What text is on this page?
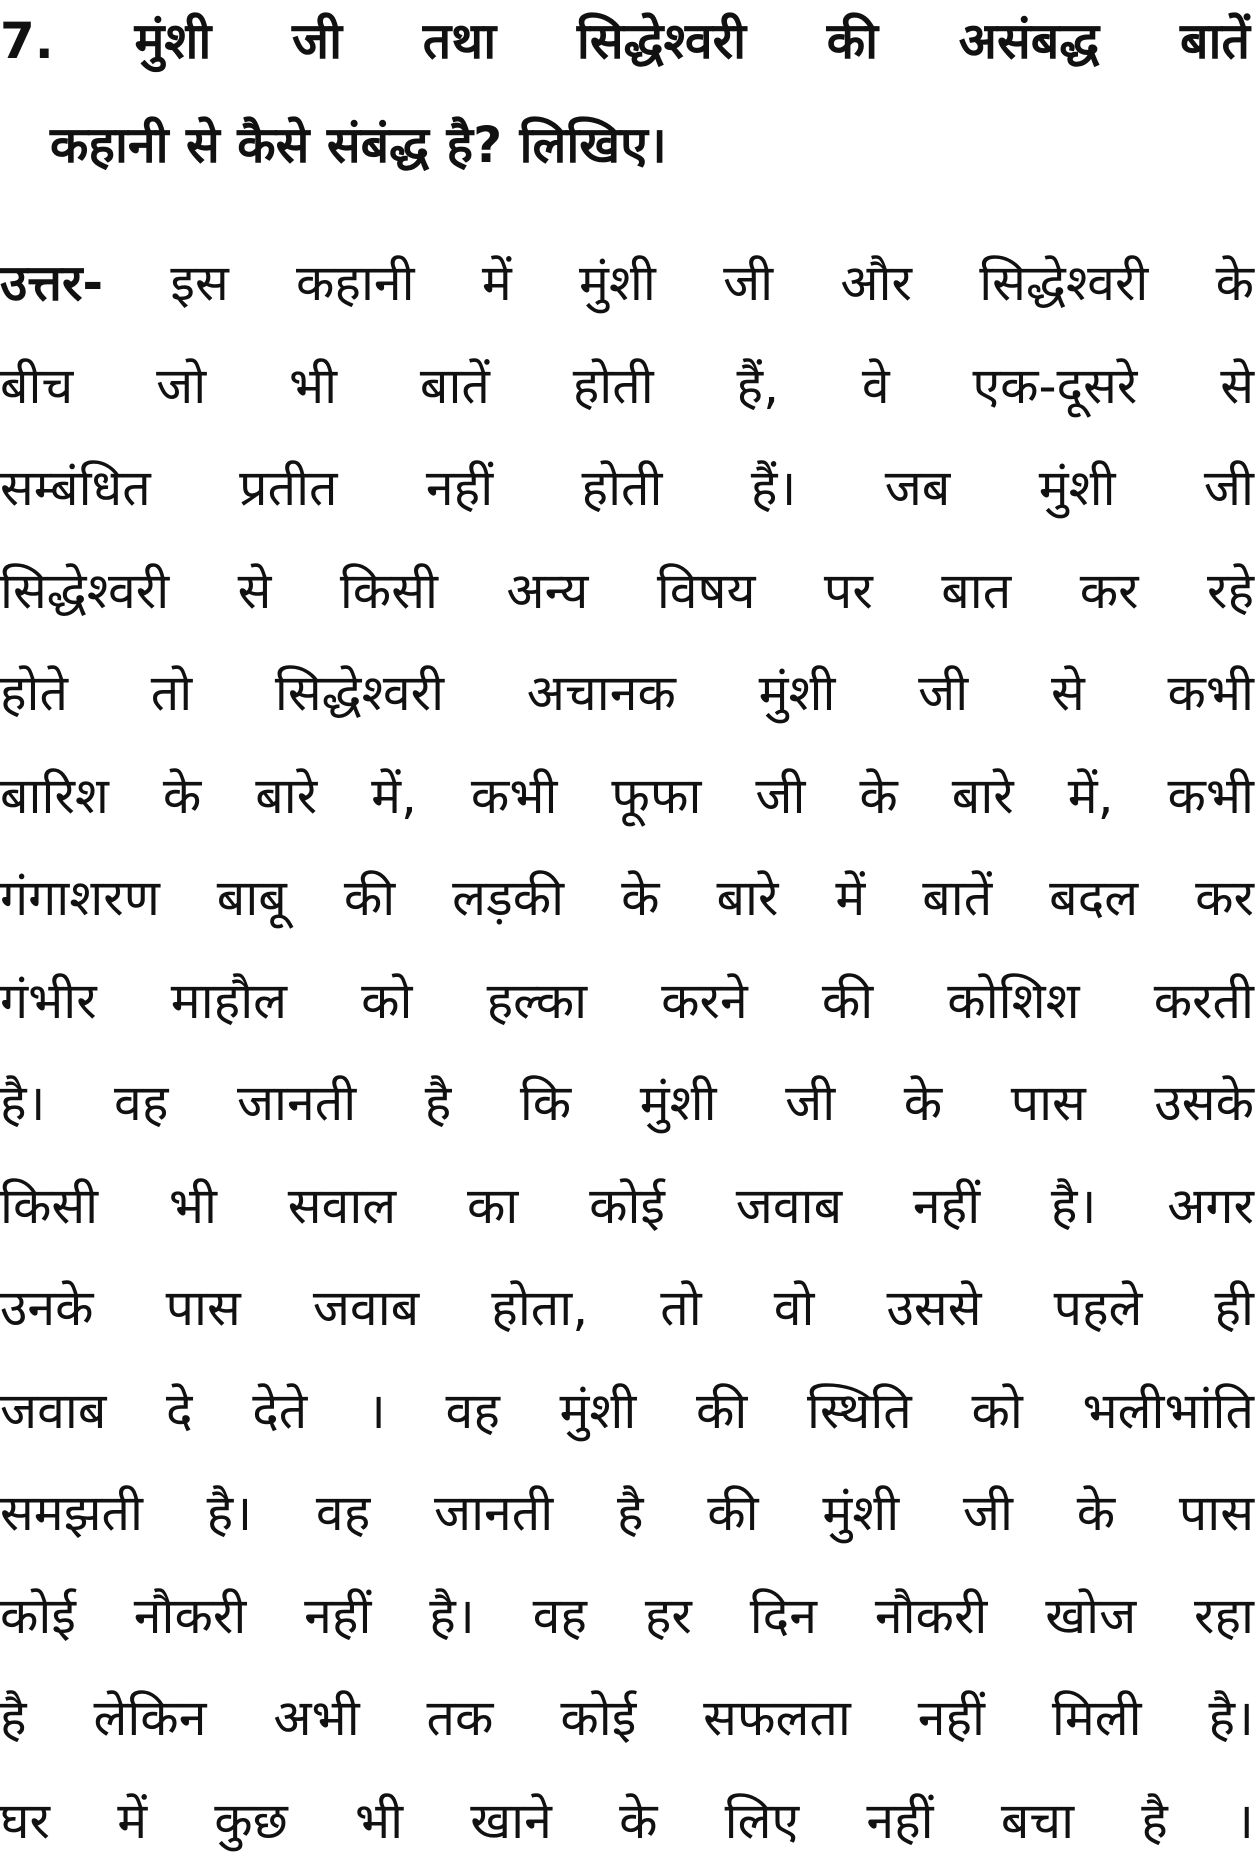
7. मुंशी जी तथा सिद्धेश्वरी की असंबद्ध बातें
कहानी से कैसे संबंद्ध है? लिखिए।
उत्तर- इस कहानी में मुंशी जी और सिद्धेश्वरी के
बीच जो भी बातें होती हैं, वे एक-दूसरे से
सम्बंधित प्रतीत नहीं होती हैं। जब मुंशी जी
सिद्धेश्वरी से किसी अन्य विषय पर बात कर रहे
होते तो सिद्धेश्वरी अचानक मुंशी जी से कभी
बारिश के बारे में, कभी फूफा जी के बारे में, कभी
गंगाशरण बाबू की लड़की के बारे में बातें बदल कर
गंभीर माहौल को हल्का करने की कोशिश करती
है। वह जानती है कि मुंशी जी के पास उसके
किसी भी सवाल का कोई जवाब नहीं है। अगर
उनके पास जवाब होता, तो वो उससे पहले ही
जवाब दे देते । वह मुंशी की स्थिति को भलीभांति
समझती है। वह जानती है की मुंशी जी के पास
कोई नौकरी नहीं है। वह हर दिन नौकरी खोज रहा
है लेकिन अभी तक कोई सफलता नहीं मिली है।
घर में कुछ भी खाने के लिए नहीं बचा है ।
